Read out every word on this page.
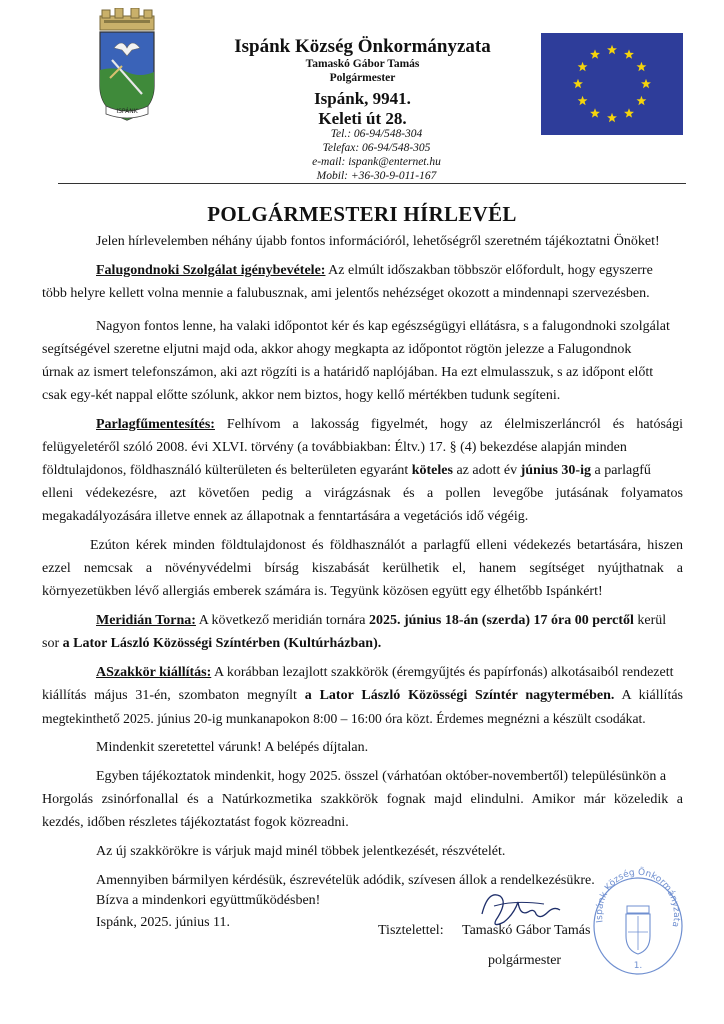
ISPÁNK
Ispánk Község Önkormányzata
Tamaskó Gábor Tamás
Polgármester
Ispánk, 9941.
Keleti út 28.
Tel.: 06-94/548-304
Telefax: 06-94/548-305
e-mail: ispank@enternet.hu
Mobil: +36-30-9-011-167
POLGÁRMESTERI HÍRLEVÉL
Jelen hírlevelemben néhány újabb fontos információról, lehetőségről szeretném tájékoztatni Önöket!
Falugondnoki Szolgálat igénybevétele: Az elmúlt időszakban többször előfordult, hogy egyszerre
több helyre kellett volna mennie a falubusznak, ami jelentős nehézséget okozott a mindennapi szervezésben.
Nagyon fontos lenne, ha valaki időpontot kér és kap egészségügyi ellátásra, s a falugondnoki szolgálat
segítségével szeretne eljutni majd oda, akkor ahogy megkapta az időpontot rögtön jelezze a Falugondnok
úrnak az ismert telefonszámon, aki azt rögzíti is a határidő naplójában. Ha ezt elmulasszuk, s az időpont előtt
csak egy-két nappal előtte szólunk, akkor nem biztos, hogy kellő mértékben tudunk segíteni.
Parlagfűmentesítés: Felhívom a lakosság figyelmét, hogy az élelmiszerláncról és hatósági
felügyeletéről szóló 2008. évi XLVI. törvény (a továbbiakban: Éltv.) 17. § (4) bekezdése alapján minden
földtulajdonos, földhasználó külterületen és belterületen egyaránt köteles az adott év június 30-ig a parlagfű
elleni védekezésre, azt követően pedig a virágzásnak és a pollen levegőbe jutásának folyamatos
megakadályozására illetve ennek az állapotnak a fenntartására a vegetációs idő végéig.
Ezúton kérek minden földtulajdonost és földhasználót a parlagfű elleni védekezés betartására, hiszen
ezzel nemcsak a növényvédelmi bírság kiszabását kerülhetik el, hanem segítséget nyújthatnak a
környezetükben lévő allergiás emberek számára is. Tegyünk közösen együtt egy élhetőbb Ispánkért!
Meridián Torna: A következő meridián tornára 2025. június 18-án (szerda) 17 óra 00 perctől kerül
sor a Lator László Közösségi Színtérben (Kultúrházban).
ASzakkör kiállítás: A korábban lezajlott szakkörök (éremgyűjtés és papírfonás) alkotásaiból rendezett
kiállítás május 31-én, szombaton megnyílt a Lator László Közösségi Színtér nagytermében. A kiállítás
megtekinthető 2025. június 20-ig munkanapokon 8:00 – 16:00 óra közt. Érdemes megnézni a készült csodákat.
Mindenkit szeretettel várunk! A belépés díjtalan.
Egyben tájékoztatok mindenkit, hogy 2025. összel (várhatóan október-novembertől) településünkön a
Horgolás zsinórfonallal és a Natúrkozmetika szakkörök fognak majd elindulni. Amikor már közeledik a
kezdés, időben részletes tájékoztatást fogok közreadni.
Az új szakkörökre is várjuk majd minél többek jelentkezését, részvételét.
Amennyiben bármilyen kérdésük, észrevételük adódik, szívesen állok a rendelkezésükre.
Bízva a mindenkori együttműködésben!
Ispánk, 2025. június 11.
Tisztelettel: Tamaskó Gábor Tamás
polgármester
Ispánk Község Önkormányzata
1.
